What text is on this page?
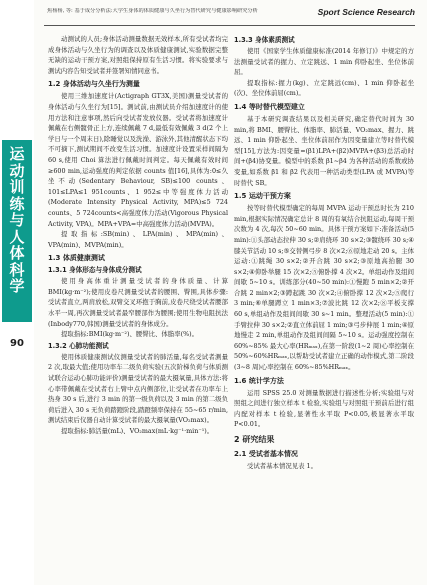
焦杨杨, 等: 基于成分分析法:大学生身体的体质健康与久坐行为替代研究与健康影响研究分析	Sport Science Research
运动训练与人体科学
90

动测试的人员;身体活动测量数据无效样本,所有受试者均完成身体活动与久坐行为的调查以及体质健康测试,实验数据完整无缺的运动干预方案,对照组保持原有生活习惯。将实验要求与测试内容告知受试者并签署知情同意书。

1.2 身体活动与久坐行为测量

使用三维加速度计(Actigraph GT3X,美国)测量受试者的身体活动与久坐行为[15]。测试前,由测试员介绍加速度计的使用方法和注意事项,然后向受试者发放仪器。受试者将加速度计佩戴在右侧髋骨正上方,连续佩戴 7 d,最低有效佩戴 3 d(2 个上学日与一个周末日),除睡觉以及洗澡、游泳外,其他清醒状态下均不可摘下,测试期间不改变生活习惯。加速度计设置采样间隔为 60 s,使用 Choi 算法进行佩戴时间判定。每天佩戴有效时间≥600 min,运动强度的判定依据 counts 值[16],具体为:0≤久坐不动(Sedentary Behaviour, SB)≤100 counts、101≤LPA≤1 951counts、1 952≤中等强度体力活动(Moderate Intensity Physical Activity, MPA)≤5 724 counts、5 724counts<高强度体力活动(Vigorous Physical Activity, VPA)。MPA+VPA=中高强度体力活动(MVPA)。

提取指标:SB(min)、LPA(min)、MPA(min)、VPA(min)、MVPA(min)。

1.3 体质健康测试
1.3.1 身体形态与身体成分测试

使用身高体重计测量受试者的身体质量、计算 BMI(kg·m⁻²);使用皮卷尺测量受试者的腰围、臀围,具体步骤:受试者直立,两肩放松,双臂交叉环抱于胸前,皮卷尺绕受试者腰部水平一周,再次测量受试者最窄腰部作为腰围;使用生物电阻抗法(Inbody770,韩国)测量受试者的身体成分。

提取指标:BMI(kg·m⁻²)、腰臀比、体脂率(%)。

1.3.2 心肺功能测试

使用体质健康测试仪测量受试者的肺活量,每名受试者测量 2 次,取最大值;使用功率车二级负荷实验(五次阶梯负荷与体质测试联合运动心肺功能评价)测量受试者的最大摄氧量,具体方法:将心率带佩戴在受试者右上臂中点内侧部位,让受试者在功率车上热身 30 s 后,进行 3 min 的第一级负荷以及 3 min 的第二级负荷后进入 30 s 无负荷踏蹬阶段,踏蹬频率保持在 55~65 r/min,测试结束后仪器自动计算受试者的最大摄氧量(VO₂max)。

提取指标:肺活量(mL)、VO₂max(mL·kg⁻¹·min⁻¹)。

1.3.3 身体素质测试

使用《国家学生体质健康标准(2014 年修订)》中规定的方法测量受试者的握力、立定跳远、1 min 仰卧起坐、坐位体前屈。

提取指标:握力(kg)、立定跳远(cm)、1 min 仰卧起坐(次)、坐位体前屈(cm)。

1.4 等时替代模型建立

基于本研究调查结果以及相关研究,确定替代时间为 30 min,将 BMI、腰臀比、体脂率、肺活量、VO₂max、握力、跳远、1 min 仰卧起坐、坐位体前屈作为因变量建立等时替代模型[15],方法为:因变量=(β1)LPA+(β2)MVPA+(β3)总活动时间+(β4)协变量。模型中的系数 β1~β4 为各种活动的系数或协变量,如系数 β1 和 β2 代表用一种活动类型(LPA 或 MVPA)等时替代 SB。

1.5 运动干预方案

按等时替代模型确定的每周 MVPA 运动干预总时长为 210 min,根据实际情况确定总计 8 周的有氧结合抗阻运动,每周干预次数为 4 次,每次 50~60 min。具体干预方案如下:准备活动(5 min):①头部动态拉伸 30 s;②肩绕环 30 s×2;③髋绕环 30 s;④膝关节活动 10 s;⑤交替侧弓步 8 次×2;⑥原地走动 20 s。主体运动:①跳绳 30 s×2;②开合跳 30 s×2;③原地高抬腿 30 s×2;④仰卧举腿 15 次×2;⑤俯卧撑 4 次×2。单组动作及组间间歇 5~10 s。训练部分(40~50 min):①慢跑 5 min×2;②开合跳 2 min×2;③蹲起跳 30 次×2;④俯卧撑 12 次×2;⑤爬行 3 min;⑥单腿蹲立 1 min×3;⑦波比跳 12 次×2;⑧平板支撑 60 s,单组动作及组间间歇 30 s~1 min。整理活动(5 min):①手臂拉伸 30 s×2;②直立体前屈 1 min;③弓步伸展 1 min;④原地慢走 2 min,单组动作及组间间隔 5~10 s。运动强度控制在 60%~85% 最大心率(HRₘₐₓ),在第一阶段(1~2 周)心率控制在 50%~60%HRₘₐₓ,以帮助受试者建立正确的动作模式,第二阶段(3~8 周)心率控制在 60%~85%HRₘₐₓ。

1.6 统计学方法

运用 SPSS 25.0 对测量数据进行描述性分析;实验组与对照组之间进行独立样本 t 检验,实验组与对照组干预前后进行组内配对样本 t 检验,显著性水平取 P<0.05,极显著水平取 P<0.01。

2 研究结果
2.1 受试者基本情况

受试者基本情况见表 1。
